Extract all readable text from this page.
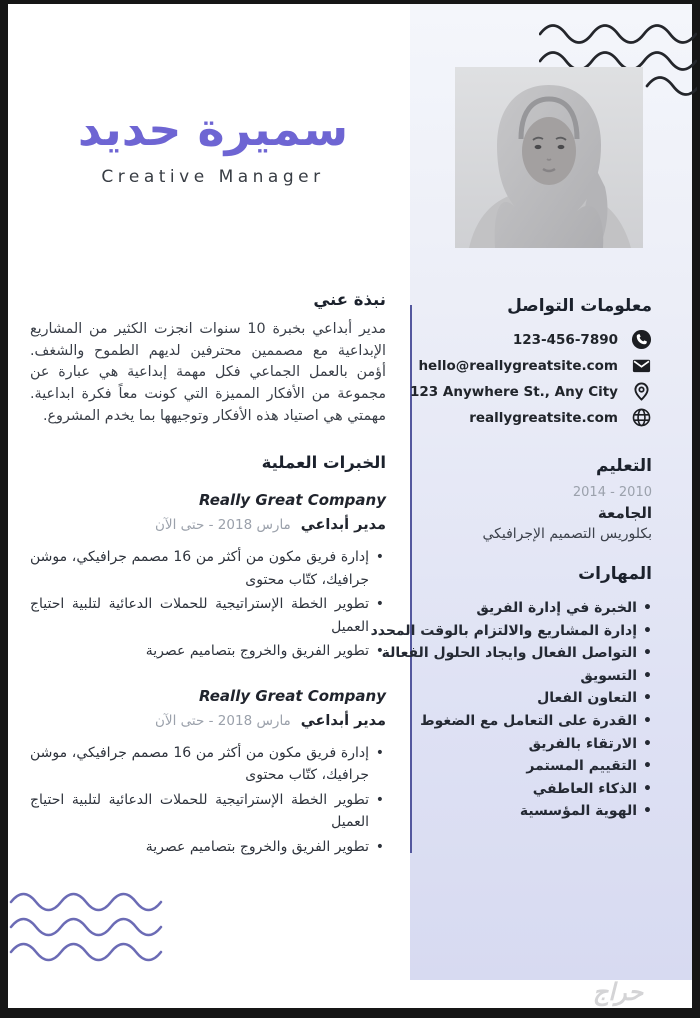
سميرة حديد
Creative Manager
نبذة عني

مدير أبداعي بخبرة 10 سنوات انجزت الكثير من المشاريع الإبداعية مع مصممين محترفين لديهم الطموح والشغف. أؤمن بالعمل الجماعي فكل مهمة إبداعية هي عبارة عن مجموعة من الأفكار المميزة التي كونت معاً فكرة ابداعية. مهمتي هي اصتياد هذه الأفكار وتوجيهها بما يخدم المشروع.

الخبرات العملية
Really Great Company
مدير أبداعي
مارس 2018 - حتى الآن
• إدارة فريق مكون من أكثر من 16 مصمم جرافيكي، موشن جرافيك، كتّاب محتوى
• تطوير الخطة الإستراتيجية للحملات الدعائية لتلبية احتياج العميل
• تطوير الفريق والخروج بتصاميم عصرية
Really Great Company
مدير أبداعي
مارس 2018 - حتى الآن
• إدارة فريق مكون من أكثر من 16 مصمم جرافيكي، موشن جرافيك، كتّاب محتوى
• تطوير الخطة الإستراتيجية للحملات الدعائية لتلبية احتياج العميل
• تطوير الفريق والخروج بتصاميم عصرية
معلومات التواصل
123-456-7890
hello@reallygreatsite.com
123 Anywhere St., Any City
reallygreatsite.com
التعليم
2014 - 2010
الجامعة
بكلوريس التصميم الإجرافيكي
المهارات
• الخبرة في إدارة الفريق
• إدارة المشاريع والالتزام بالوقت المحدد
• التواصل الفعال وايجاد الحلول الفعالة
• التسويق
• التعاون الفعال
• القدرة على التعامل مع الضغوط
• الارتقاء بالفريق
• التقييم المستمر
• الذكاء العاطفي
• الهوية المؤسسية
حراج
